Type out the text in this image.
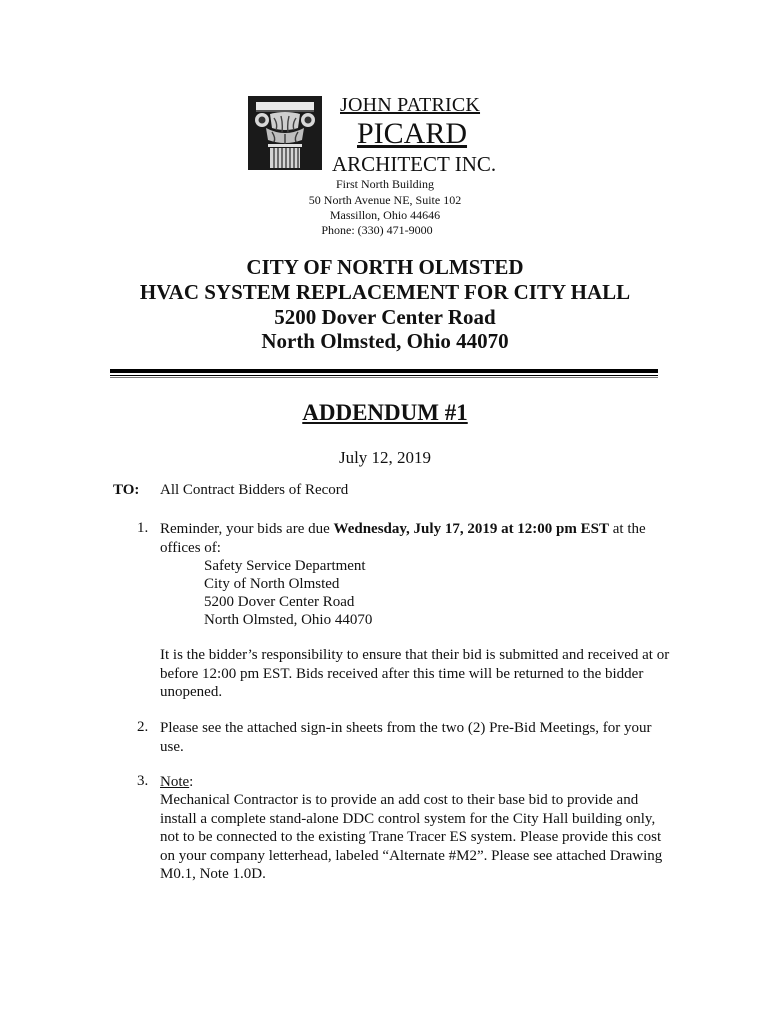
JOHN PATRICK
PICARD
ARCHITECT INC.
First North Building
50 North Avenue NE, Suite 102
Massillon, Ohio 44646
Phone: (330) 471-9000
CITY OF NORTH OLMSTED
HVAC SYSTEM REPLACEMENT FOR CITY HALL
5200 Dover Center Road
North Olmsted, Ohio 44070
ADDENDUM #1
July 12, 2019
TO: All Contract Bidders of Record
1. Reminder, your bids are due Wednesday, July 17, 2019 at 12:00 pm EST at the offices of:
Safety Service Department
City of North Olmsted
5200 Dover Center Road
North Olmsted, Ohio 44070
It is the bidder’s responsibility to ensure that their bid is submitted and received at or before 12:00 pm EST. Bids received after this time will be returned to the bidder unopened.
2. Please see the attached sign-in sheets from the two (2) Pre-Bid Meetings, for your use.
3. Note:
Mechanical Contractor is to provide an add cost to their base bid to provide and install a complete stand-alone DDC control system for the City Hall building only, not to be connected to the existing Trane Tracer ES system. Please provide this cost on your company letterhead, labeled “Alternate #M2”. Please see attached Drawing M0.1, Note 1.0D.
